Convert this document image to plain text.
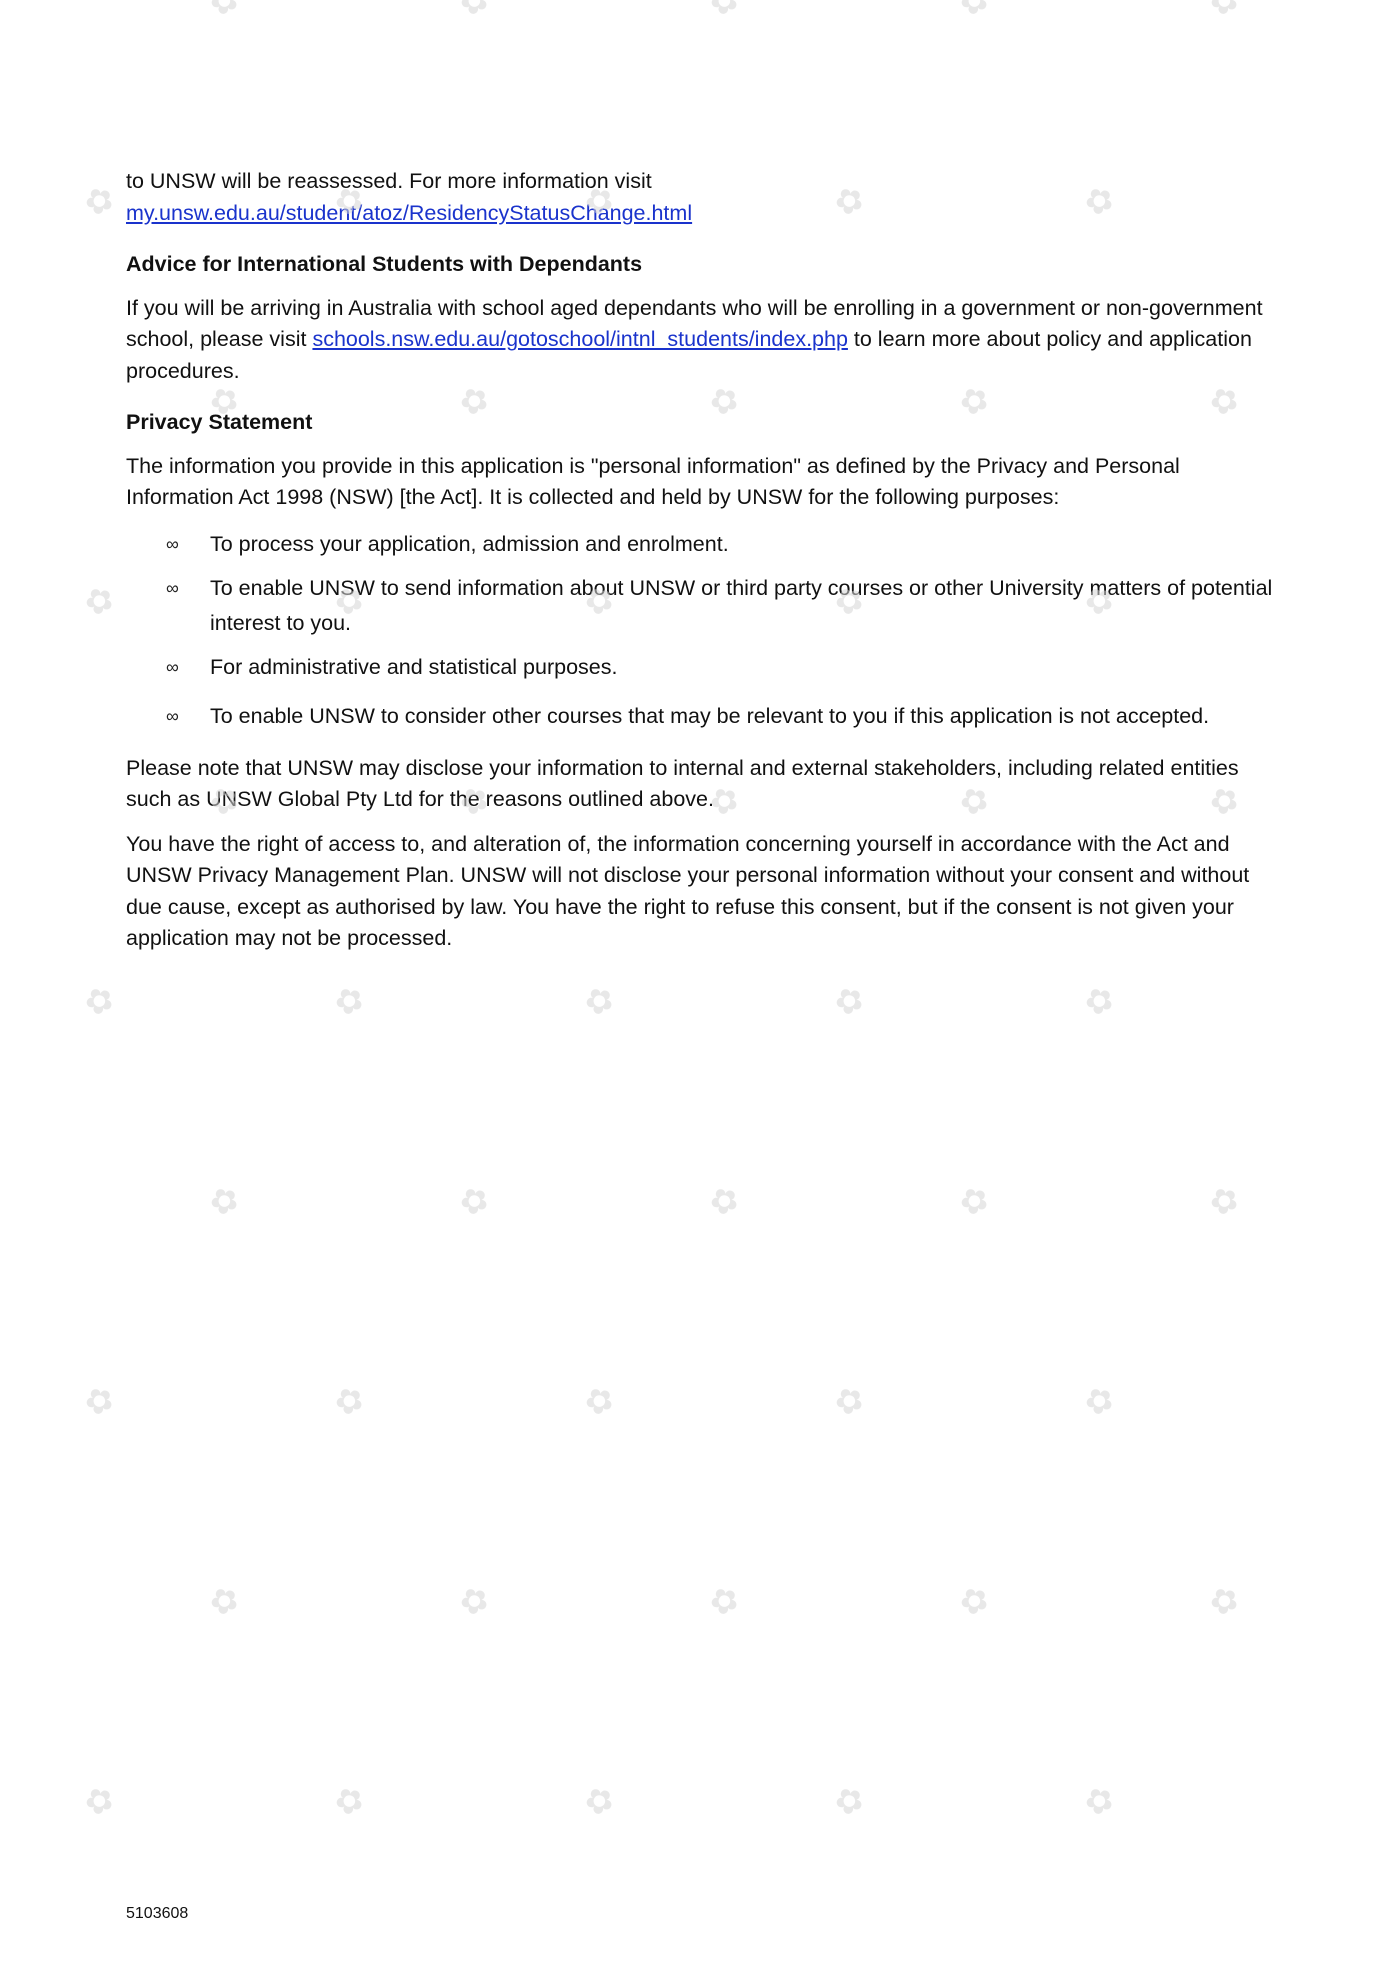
to UNSW will be reassessed. For more information visit

my.unsw.edu.au/student/atoz/ResidencyStatusChange.html

Advice for International Students with Dependants

If you will be arriving in Australia with school aged dependants who will be enrolling in a government or non-government school, please visit schools.nsw.edu.au/gotoschool/intnl_students/index.php to learn more about policy and application procedures.

Privacy Statement

The information you provide in this application is "personal information" as defined by the Privacy and Personal Information Act 1998 (NSW) [the Act]. It is collected and held by UNSW for the following purposes:

∞ To process your application, admission and enrolment.
∞ To enable UNSW to send information about UNSW or third party courses or other University matters of potential interest to you.
∞ For administrative and statistical purposes.
∞ To enable UNSW to consider other courses that may be relevant to you if this application is not accepted.

Please note that UNSW may disclose your information to internal and external stakeholders, including related entities such as UNSW Global Pty Ltd for the reasons outlined above.

You have the right of access to, and alteration of, the information concerning yourself in accordance with the Act and UNSW Privacy Management Plan. UNSW will not disclose your personal information without your consent and without due cause, except as authorised by law. You have the right to refuse this consent, but if the consent is not given your application may not be processed.

5103608
✿
✿
✿
✿
✿
✿
✿
✿
✿
✿
✿
✿
✿
✿
✿
✿
✿
✿
✿
✿
✿
✿
✿
✿
✿
✿
✿
✿
✿
✿
✿
✿
✿
✿
✿
✿
✿
✿
✿
✿
✿
✿
✿
✿
✿
✿
✿
✿
✿
✿
✿
✿
✿
✿
✿
